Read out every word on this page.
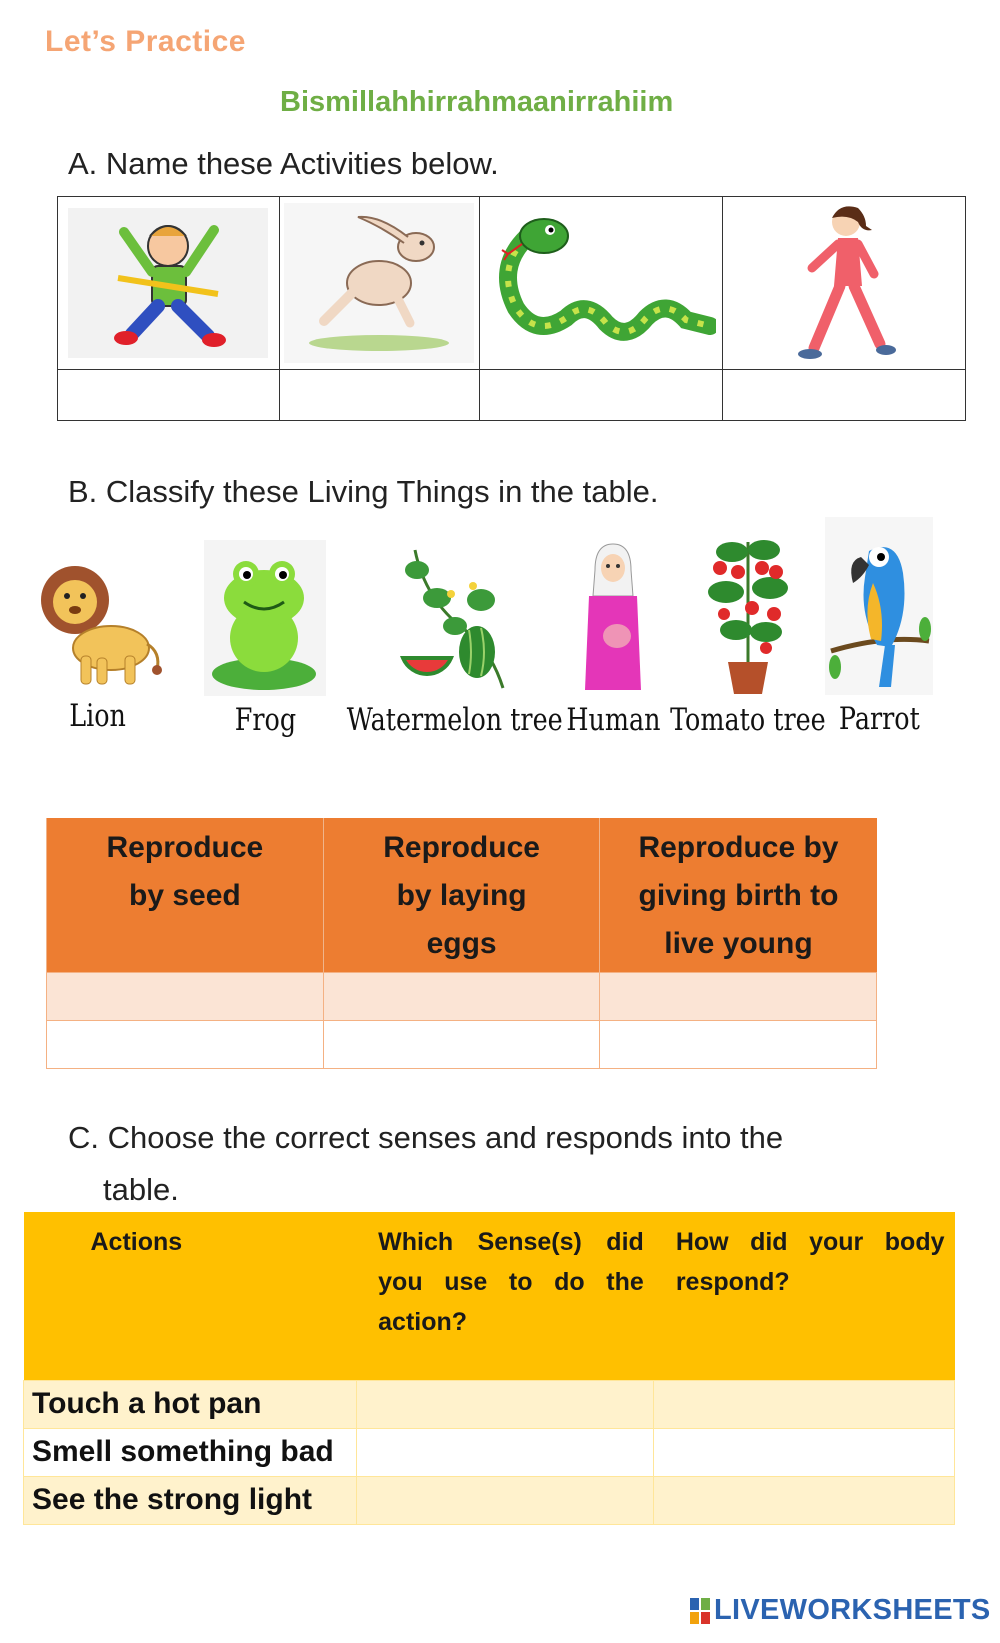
Let’s Practice
Bismillahhirrahmaanirrahiim
A. Name these Activities below.

B. Classify these Living Things in the table.
Lion	Frog Watermelon tree Human Tomato tree Parrot
Reproduce by seed	Reproduce by laying eggs	Reproduce by giving birth to live young

C. Choose the correct senses and responds into the
table.
Actions	Which Sense(s) did you use to do the action?	How did your body respond?
Touch a hot pan		
Smell something bad		
See the strong light		
LIVEWORKSHEETS
